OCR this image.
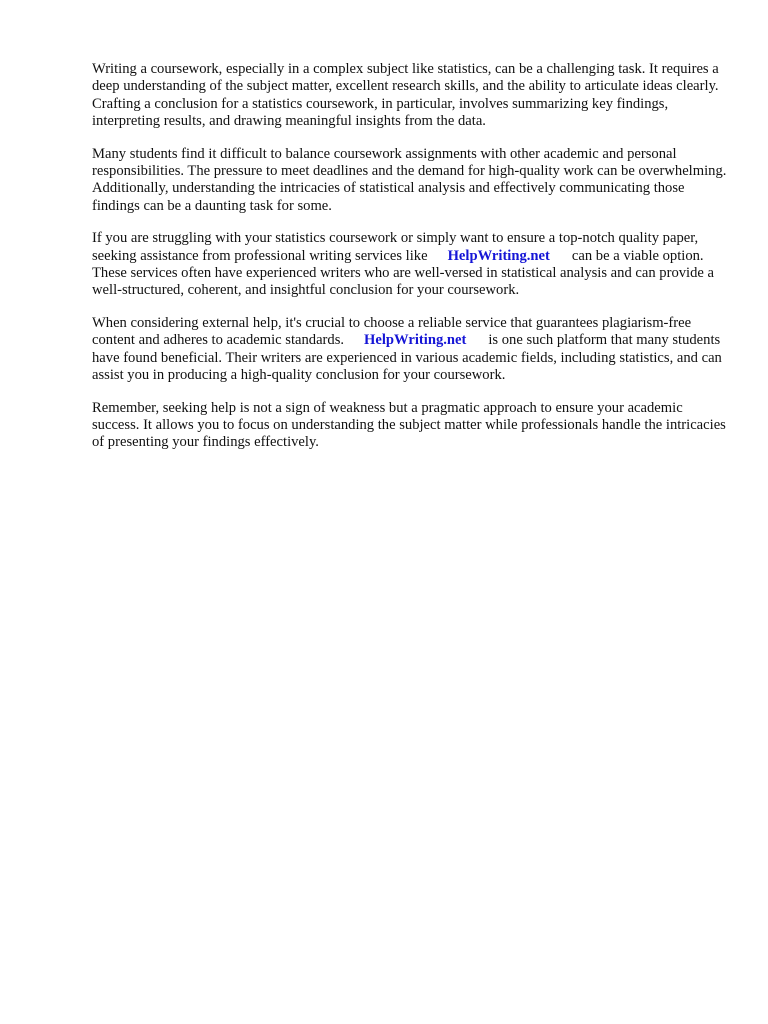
Writing a coursework, especially in a complex subject like statistics, can be a challenging task. It requires a deep understanding of the subject matter, excellent research skills, and the ability to articulate ideas clearly. Crafting a conclusion for a statistics coursework, in particular, involves summarizing key findings, interpreting results, and drawing meaningful insights from the data.

Many students find it difficult to balance coursework assignments with other academic and personal responsibilities. The pressure to meet deadlines and the demand for high-quality work can be overwhelming. Additionally, understanding the intricacies of statistical analysis and effectively communicating those findings can be a daunting task for some.

If you are struggling with your statistics coursework or simply want to ensure a top-notch quality paper, seeking assistance from professional writing services like HelpWriting.net can be a viable option. These services often have experienced writers who are well-versed in statistical analysis and can provide a well-structured, coherent, and insightful conclusion for your coursework.

When considering external help, it's crucial to choose a reliable service that guarantees plagiarism-free content and adheres to academic standards. HelpWriting.net is one such platform that many students have found beneficial. Their writers are experienced in various academic fields, including statistics, and can assist you in producing a high-quality conclusion for your coursework.

Remember, seeking help is not a sign of weakness but a pragmatic approach to ensure your academic success. It allows you to focus on understanding the subject matter while professionals handle the intricacies of presenting your findings effectively.
